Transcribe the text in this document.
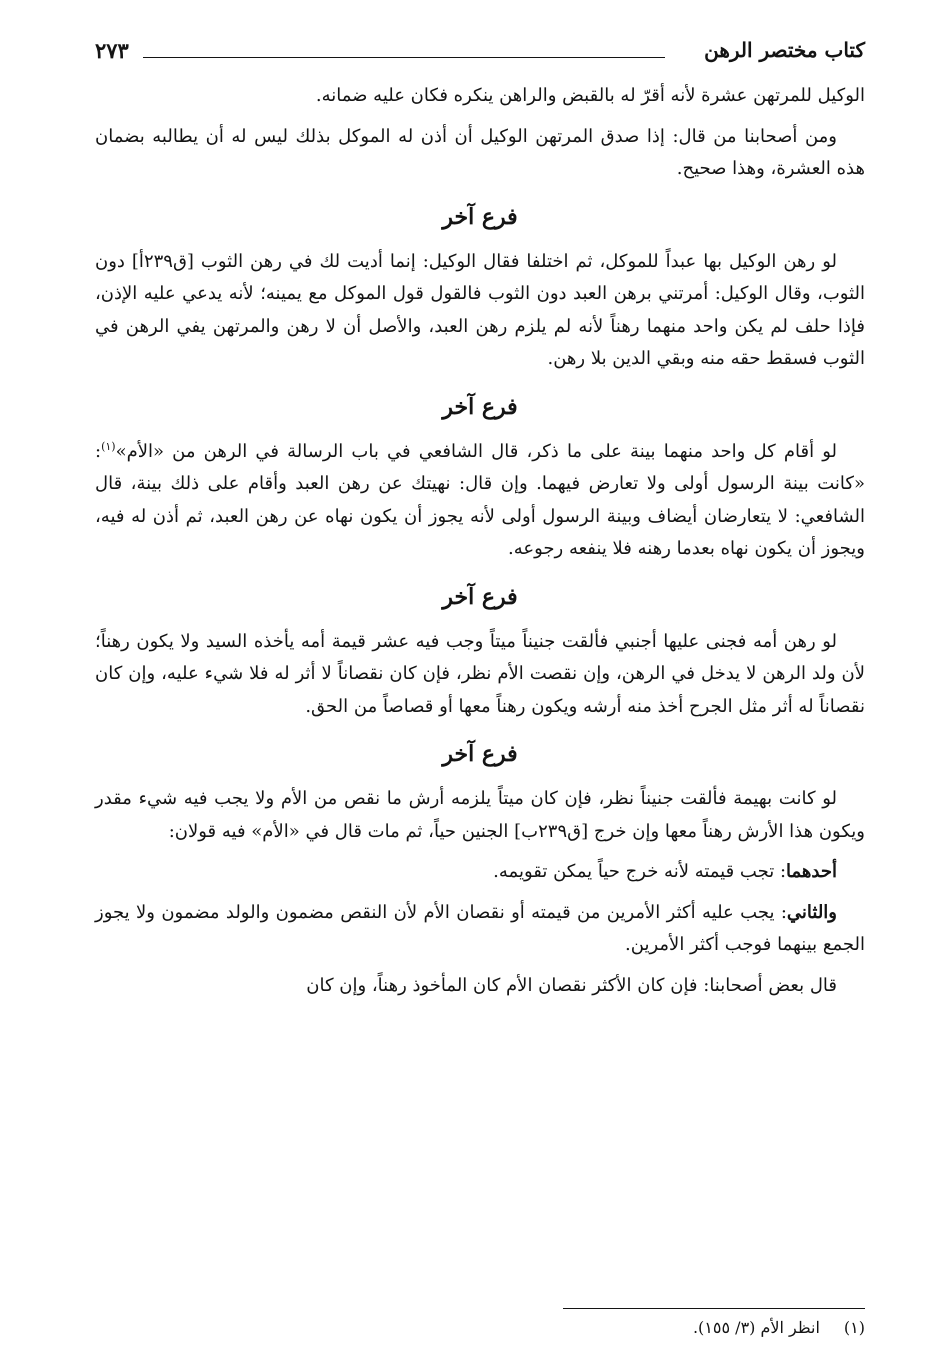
كتاب مختصر الرهن
٢٧٣

الوكيل للمرتهن عشرة لأنه أقرّ له بالقبض والراهن ينكره فكان عليه ضمانه.

ومن أصحابنا من قال: إذا صدق المرتهن الوكيل أن أذن له الموكل بذلك ليس له أن يطالبه بضمان هذه العشرة، وهذا صحيح.

فرع آخر

لو رهن الوكيل بها عبداً للموكل، ثم اختلفا فقال الوكيل: إنما أديت لك في رهن الثوب [ق٢٣٩أ] دون الثوب، وقال الوكيل: أمرتني برهن العبد دون الثوب فالقول قول الموكل مع يمينه؛ لأنه يدعي عليه الإذن، فإذا حلف لم يكن واحد منهما رهناً لأنه لم يلزم رهن العبد، والأصل أن لا رهن والمرتهن يفي الرهن في الثوب فسقط حقه منه وبقي الدين بلا رهن.

فرع آخر

لو أقام كل واحد منهما بينة على ما ذكر، قال الشافعي في باب الرسالة في الرهن من «الأم»$^{(١)}$: «كانت بينة الرسول أولى ولا تعارض فيهما. وإن قال: نهيتك عن رهن العبد وأقام على ذلك بينة، قال الشافعي: لا يتعارضان أيضاف وبينة الرسول أولى لأنه يجوز أن يكون نهاه عن رهن العبد، ثم أذن له فيه، ويجوز أن يكون نهاه بعدما رهنه فلا ينفعه رجوعه.

فرع آخر

لو رهن أمه فجنى عليها أجنبي فألقت جنيناً ميتاً وجب فيه عشر قيمة أمه يأخذه السيد ولا يكون رهناً؛ لأن ولد الرهن لا يدخل في الرهن، وإن نقصت الأم نظر، فإن كان نقصاناً لا أثر له فلا شيء عليه، وإن كان نقصاناً له أثر مثل الجرح أخذ منه أرشه ويكون رهناً معها أو قصاصاً من الحق.

فرع آخر

لو كانت بهيمة فألقت جنيناً نظر، فإن كان ميتاً يلزمه أرش ما نقص من الأم ولا يجب فيه شيء مقدر ويكون هذا الأرش رهناً معها وإن خرج [ق٢٣٩ب] الجنين حياً، ثم مات قال في «الأم» فيه قولان:

أحدهما: تجب قيمته لأنه خرج حياً يمكن تقويمه.

والثاني: يجب عليه أكثر الأمرين من قيمته أو نقصان الأم لأن النقص مضمون والولد مضمون ولا يجوز الجمع بينهما فوجب أكثر الأمرين.

قال بعض أصحابنا: فإن كان الأكثر نقصان الأم كان المأخوذ رهناً، وإن كان

(١)انظر الأم (٣/ ١٥٥).
